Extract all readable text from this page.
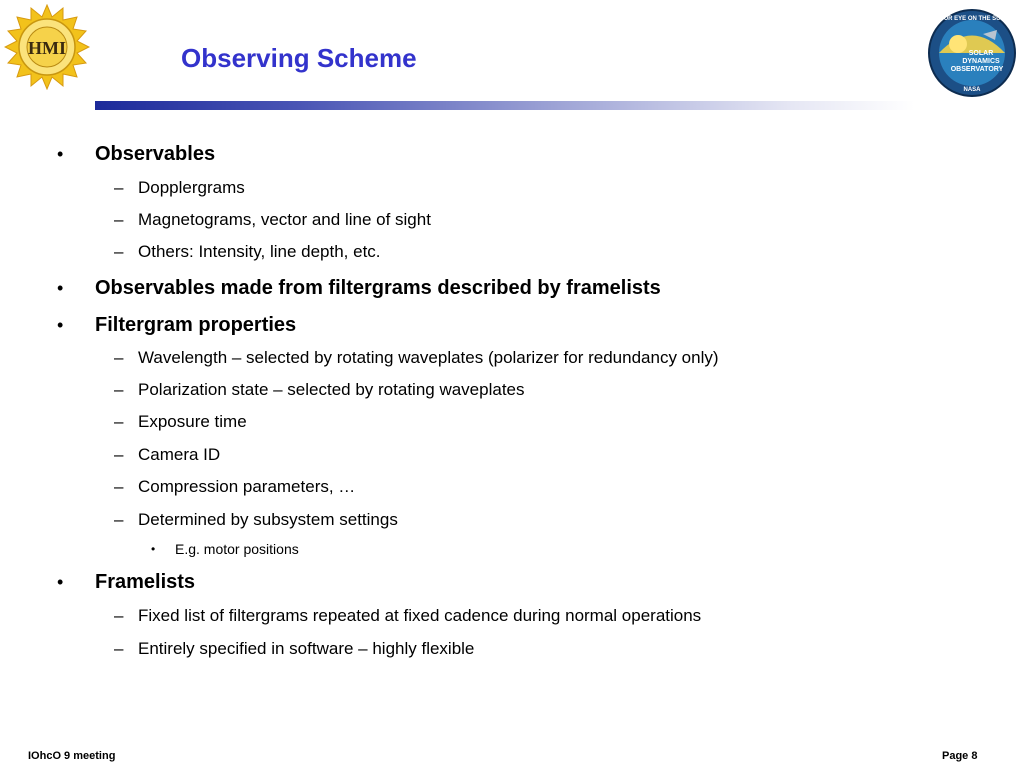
HMI
OUR EYE ON THE SUN
SOLAR
DYNAMICS
OBSERVATORY
NASA
Observing Scheme
• Observables
– Dopplergrams
– Magnetograms, vector and line of sight
– Others: Intensity, line depth, etc.
• Observables made from filtergrams described by framelists
• Filtergram properties
– Wavelength – selected by rotating waveplates (polarizer for redundancy only)
– Polarization state – selected by rotating waveplates
– Exposure time
– Camera ID
– Compression parameters, …
– Determined by subsystem settings
• E.g. motor positions
• Framelists
– Fixed list of filtergrams repeated at fixed cadence during normal operations
– Entirely specified in software – highly flexible
IOhcO 9 meeting	Page 8
